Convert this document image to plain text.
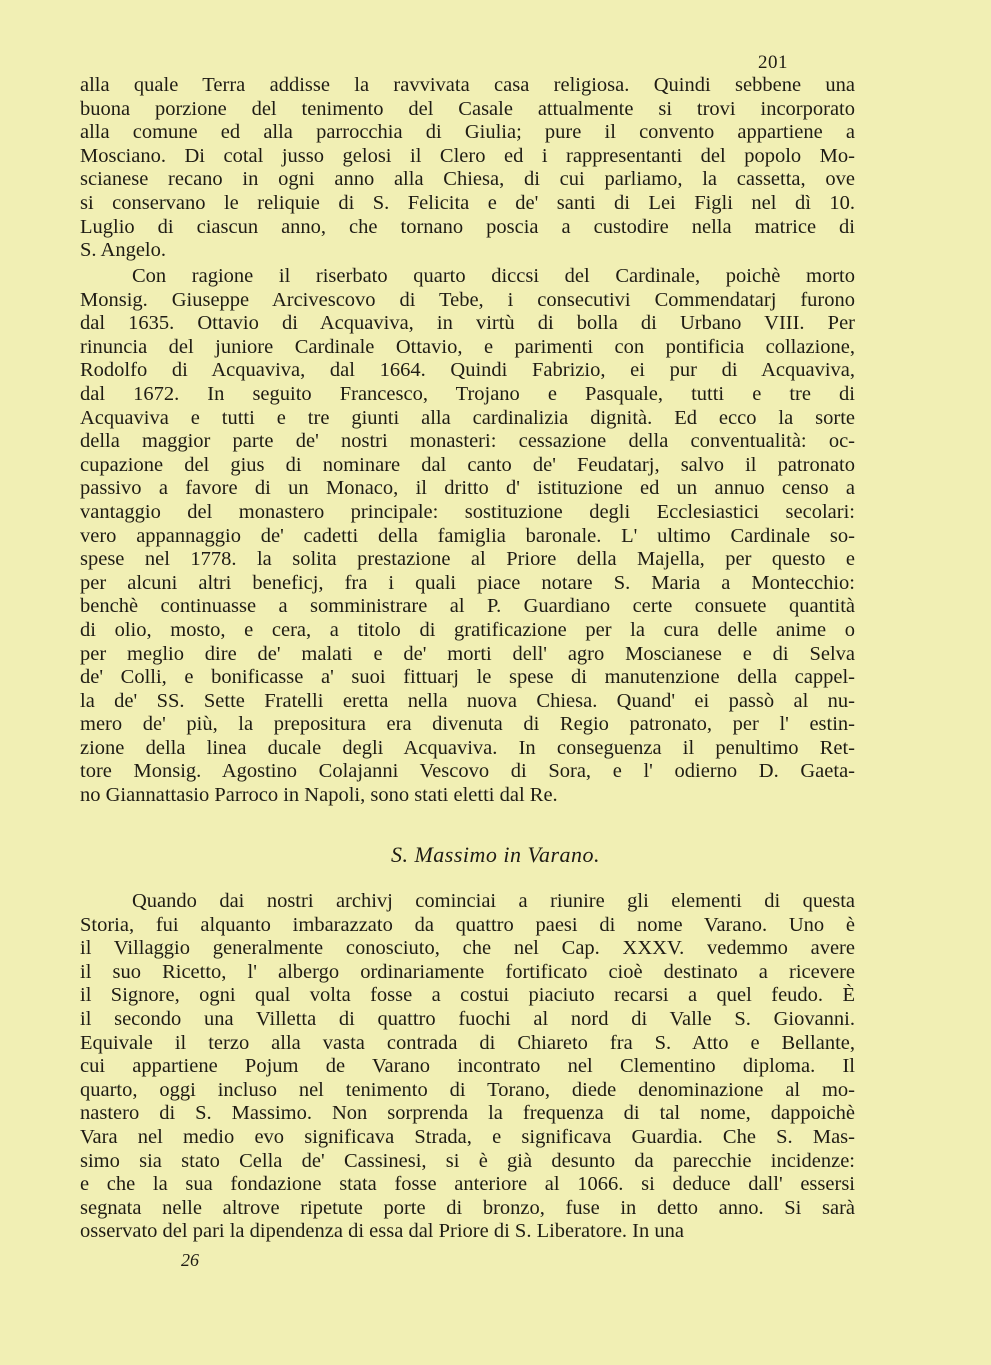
201
alla quale Terra addisse la ravvivata casa religiosa. Quindi sebbene una
buona porzione del tenimento del Casale attualmente si trovi incorporato
alla comune ed alla parrocchia di Giulia; pure il convento appartiene a
Mosciano. Di cotal jusso gelosi il Clero ed i rappresentanti del popolo Mo-
scianese recano in ogni anno alla Chiesa, di cui parliamo, la cassetta, ove
si conservano le reliquie di S. Felicita e de' santi di Lei Figli nel dì 10.
Luglio di ciascun anno, che tornano poscia a custodire nella matrice di
S. Angelo.
Con ragione il riserbato quarto diccsi del Cardinale, poichè morto
Monsig. Giuseppe Arcivescovo di Tebe, i consecutivi Commendatarj furono
dal 1635. Ottavio di Acquaviva, in virtù di bolla di Urbano VIII. Per
rinuncia del juniore Cardinale Ottavio, e parimenti con pontificia collazione,
Rodolfo di Acquaviva, dal 1664. Quindi Fabrizio, ei pur di Acquaviva,
dal 1672. In seguito Francesco, Trojano e Pasquale, tutti e tre di
Acquaviva e tutti e tre giunti alla cardinalizia dignità. Ed ecco la sorte
della maggior parte de' nostri monasteri: cessazione della conventualità: oc-
cupazione del gius di nominare dal canto de' Feudatarj, salvo il patronato
passivo a favore di un Monaco, il dritto d' istituzione ed un annuo censo a
vantaggio del monastero principale: sostituzione degli Ecclesiastici secolari:
vero appannaggio de' cadetti della famiglia baronale. L' ultimo Cardinale so-
spese nel 1778. la solita prestazione al Priore della Majella, per questo e
per alcuni altri beneficj, fra i quali piace notare S. Maria a Montecchio:
benchè continuasse a somministrare al P. Guardiano certe consuete quantità
di olio, mosto, e cera, a titolo di gratificazione per la cura delle anime o
per meglio dire de' malati e de' morti dell' agro Moscianese e di Selva
de' Colli, e bonificasse a' suoi fittuarj le spese di manutenzione della cappel-
la de' SS. Sette Fratelli eretta nella nuova Chiesa. Quand' ei passò al nu-
mero de' più, la prepositura era divenuta di Regio patronato, per l' estin-
zione della linea ducale degli Acquaviva. In conseguenza il penultimo Ret-
tore Monsig. Agostino Colajanni Vescovo di Sora, e l' odierno D. Gaeta-
no Giannattasio Parroco in Napoli, sono stati eletti dal Re.
S. Massimo in Varano.
Quando dai nostri archivj cominciai a riunire gli elementi di questa
Storia, fui alquanto imbarazzato da quattro paesi di nome Varano. Uno è
il Villaggio generalmente conosciuto, che nel Cap. XXXV. vedemmo avere
il suo Ricetto, l' albergo ordinariamente fortificato cioè destinato a ricevere
il Signore, ogni qual volta fosse a costui piaciuto recarsi a quel feudo. È
il secondo una Villetta di quattro fuochi al nord di Valle S. Giovanni.
Equivale il terzo alla vasta contrada di Chiareto fra S. Atto e Bellante,
cui appartiene Pojum de Varano incontrato nel Clementino diploma. Il
quarto, oggi incluso nel tenimento di Torano, diede denominazione al mo-
nastero di S. Massimo. Non sorprenda la frequenza di tal nome, dappoichè
Vara nel medio evo significava Strada, e significava Guardia. Che S. Mas-
simo sia stato Cella de' Cassinesi, si è già desunto da parecchie incidenze:
e che la sua fondazione stata fosse anteriore al 1066. si deduce dall' essersi
segnata nelle altrove ripetute porte di bronzo, fuse in detto anno. Si sarà
osservato del pari la dipendenza di essa dal Priore di S. Liberatore. In una
26
